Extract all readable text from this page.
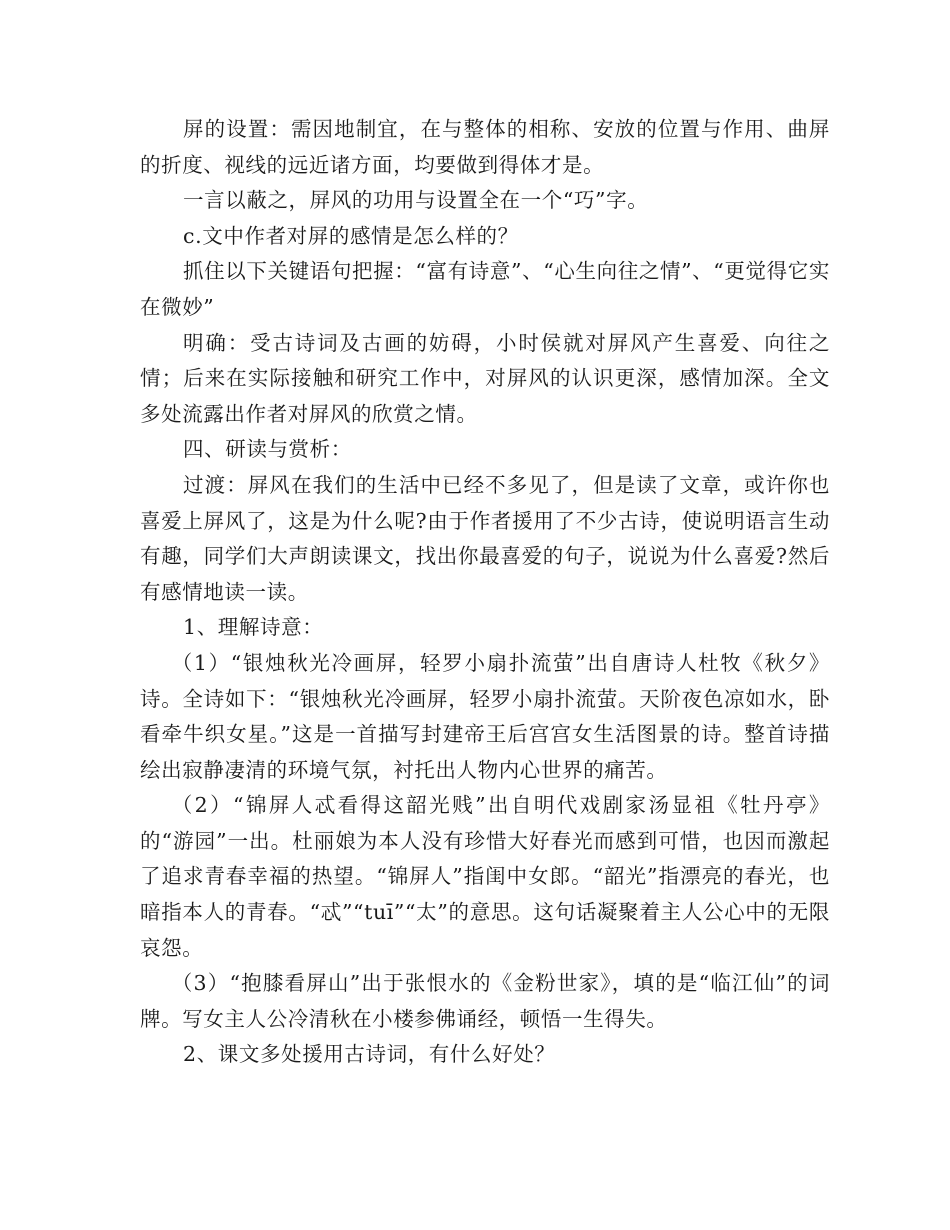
屏的设置：需因地制宜，在与整体的相称、安放的位置与作用、曲屏的折度、视线的远近诸方面，均要做到得体才是。

一言以蔽之，屏风的功用与设置全在一个“巧”字。

c.文中作者对屏的感情是怎么样的？

抓住以下关键语句把握：“富有诗意”、“心生向往之情”、“更觉得它实在微妙”

明确：受古诗词及古画的妨碍，小时侯就对屏风产生喜爱、向往之情；后来在实际接触和研究工作中，对屏风的认识更深，感情加深。全文多处流露出作者对屏风的欣赏之情。

四、研读与赏析：

过渡：屏风在我们的生活中已经不多见了，但是读了文章，或许你也喜爱上屏风了，这是为什么呢?由于作者援用了不少古诗，使说明语言生动有趣，同学们大声朗读课文，找出你最喜爱的句子，说说为什么喜爱?然后有感情地读一读。

1、理解诗意：

（1）“银烛秋光冷画屏，轻罗小扇扑流萤”出自唐诗人杜牧《秋夕》诗。全诗如下：“银烛秋光冷画屏，轻罗小扇扑流萤。天阶夜色凉如水，卧看牵牛织女星。”这是一首描写封建帝王后宫宫女生活图景的诗。整首诗描绘出寂静凄清的环境气氛，衬托出人物内心世界的痛苦。

（2）“锦屏人忒看得这韶光贱”出自明代戏剧家汤显祖《牡丹亭》的“游园”一出。杜丽娘为本人没有珍惜大好春光而感到可惜，也因而激起了追求青春幸福的热望。“锦屏人”指闺中女郎。“韶光”指漂亮的春光，也暗指本人的青春。“忒”“tuī”“太”的意思。这句话凝聚着主人公心中的无限哀怨。

（3）“抱膝看屏山”出于张恨水的《金粉世家》，填的是“临江仙”的词牌。写女主人公冷清秋在小楼参佛诵经，顿悟一生得失。

2、课文多处援用古诗词，有什么好处？
